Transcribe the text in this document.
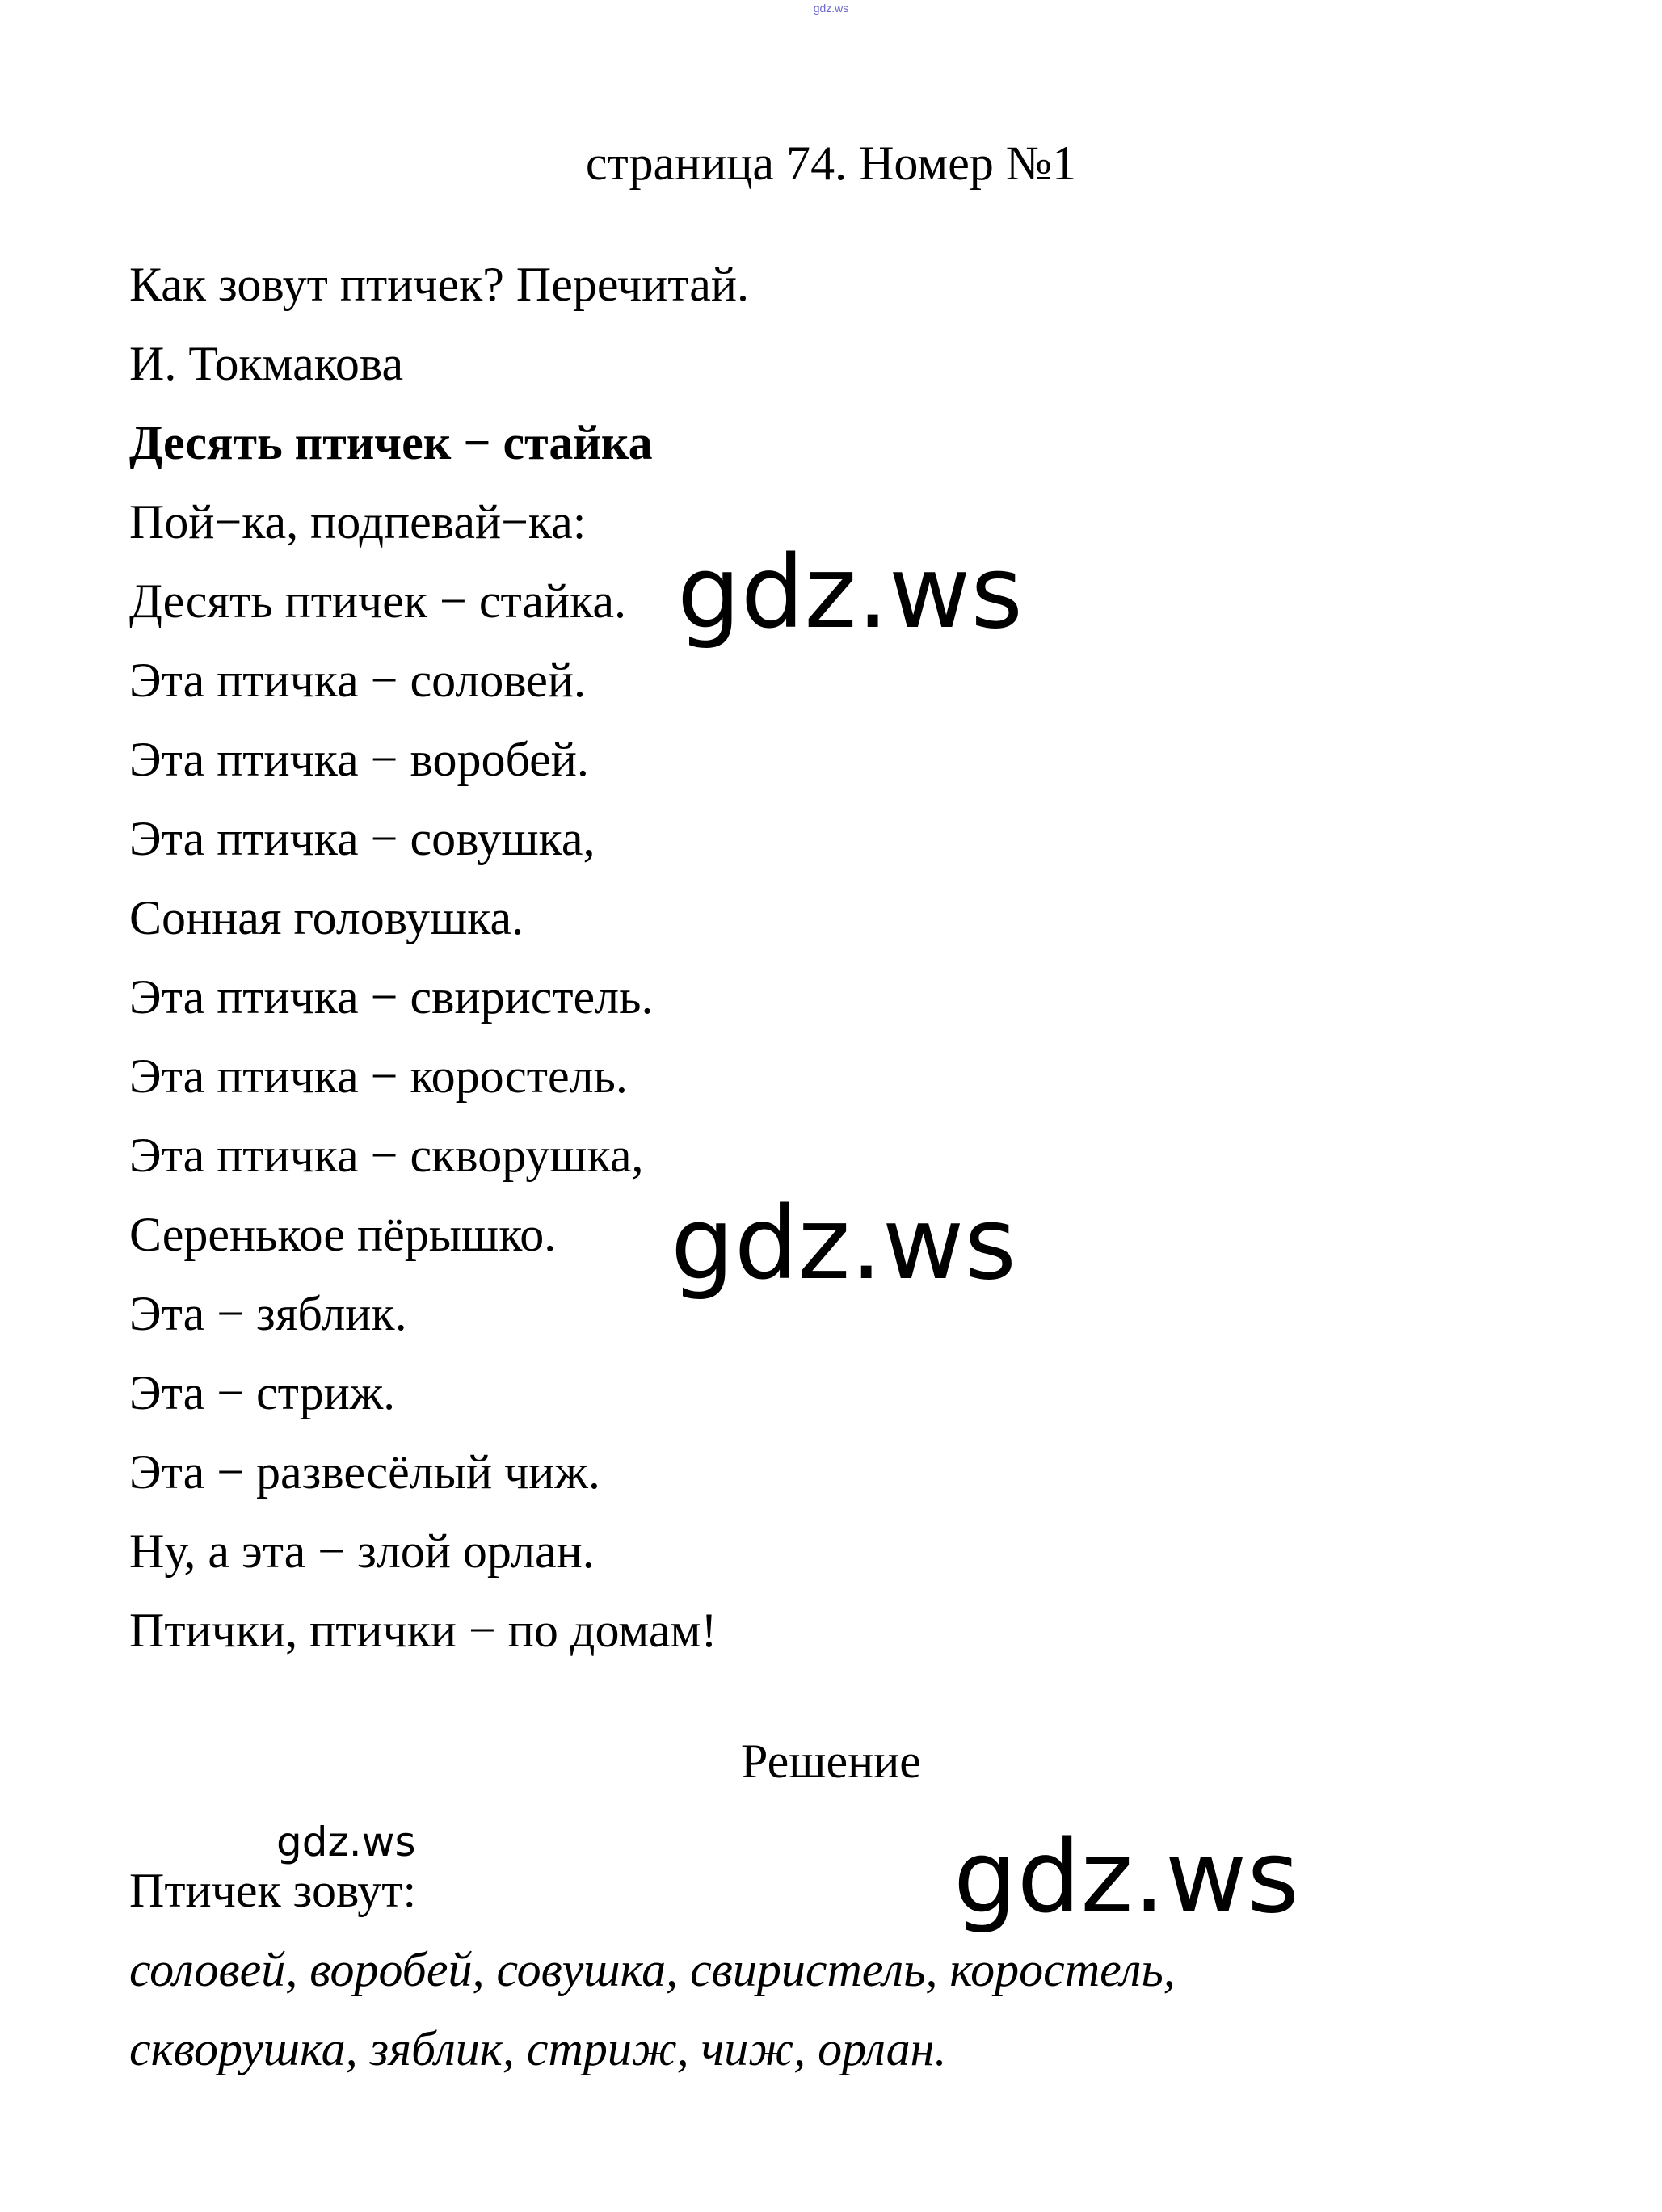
gdz.ws
страница 74. Номер №1
Как зовут птичек? Перечитай.
И. Токмакова
Десять птичек − стайка
Пой−ка, подпевай−ка:
Десять птичек − стайка.
Эта птичка − соловей.
Эта птичка − воробей.
Эта птичка − совушка,
Сонная головушка.
Эта птичка − свиристель.
Эта птичка − коростель.
Эта птичка − скворушка,
Серенькое пёрышко.
Эта − зяблик.
Эта − стриж.
Эта − развесёлый чиж.
Ну, а эта − злой орлан.
Птички, птички − по домам!
Решение
Птичек зовут:
соловей, воробей, совушка, свиристель, коростель,
скворушка, зяблик, стриж, чиж, орлан.
gdz.ws
gdz.ws
gdz.ws
gdz.ws
